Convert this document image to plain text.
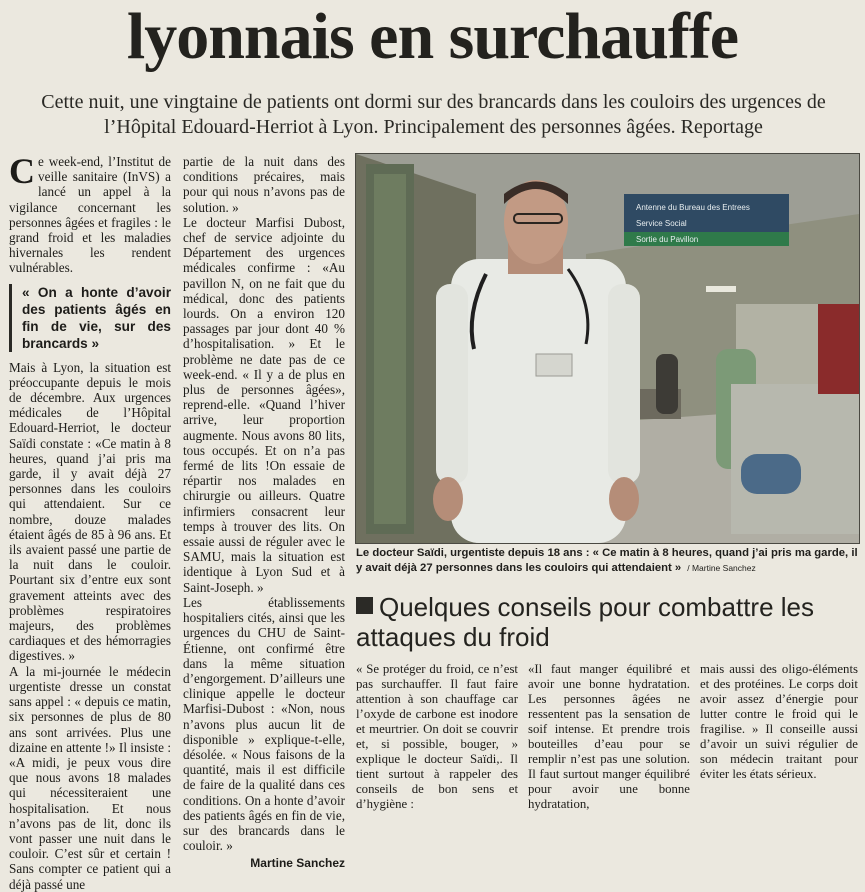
lyonnais en surchauffe
Cette nuit, une vingtaine de patients ont dormi sur des brancards dans les couloirs des urgences de l’Hôpital Edouard-Herriot à Lyon. Principalement des personnes âgées. Reportage
C e week-end, l’Institut de veille sanitaire (InVS) a lancé un appel à la vigilance concernant les personnes âgées et fragiles : le grand froid et les maladies hivernales les rendent vulnérables.

« On a honte d’avoir des patients âgés en fin de vie, sur des brancards »

Mais à Lyon, la situation est préoccupante depuis le mois de décembre. Aux urgences médicales de l’Hôpital Edouard-Herriot, le docteur Saïdi constate : «Ce matin à 8 heures, quand j’ai pris ma garde, il y avait déjà 27 personnes dans les couloirs qui attendaient. Sur ce nombre, douze malades étaient âgés de 85 à 96 ans. Et ils avaient passé une partie de la nuit dans le couloir. Pourtant six d’entre eux sont gravement atteints avec des problèmes respiratoires majeurs, des problèmes cardiaques et des hémorragies digestives. »

A la mi-journée le médecin urgentiste dresse un constat sans appel : « depuis ce matin, six personnes de plus de 80 ans sont arrivées. Plus une dizaine en attente !» Il insiste : «A midi, je peux vous dire que nous avons 18 malades qui nécessiteraient une hospitalisation. Et nous n’avons pas de lit, donc ils vont passer une nuit dans le couloir. C’est sûr et certain ! Sans compter ce patient qui a déjà passé une

partie de la nuit dans des conditions précaires, mais pour qui nous n’avons pas de solution. »

Le docteur Marfisi Dubost, chef de service adjointe du Département des urgences médicales confirme : «Au pavillon N, on ne fait que du médical, donc des patients lourds. On a environ 120 passages par jour dont 40 % d’hospitalisation. » Et le problème ne date pas de ce week-end. « Il y a de plus en plus de personnes âgées», reprend-elle. «Quand l’hiver arrive, leur proportion augmente. Nous avons 80 lits, tous occupés. Et on n’a pas fermé de lits !On essaie de répartir nos malades en chirurgie ou ailleurs. Quatre infirmiers consacrent leur temps à trouver des lits. On essaie aussi de réguler avec le SAMU, mais la situation est identique à Lyon Sud et à Saint-Joseph. »

Les établissements hospitaliers cités, ainsi que les urgences du CHU de Saint-Étienne, ont confirmé être dans la même situation d’engorgement. D’ailleurs une clinique appelle le docteur Marfisi-Dubost : «Non, nous n’avons plus aucun lit de disponible » explique-t-elle, désolée. « Nous faisons de la quantité, mais il est difficile de faire de la qualité dans ces conditions. On a honte d’avoir des patients âgés en fin de vie, sur des brancards dans le couloir. »

Martine Sanchez

Antenne du Bureau des Entrees
Service Social
Sortie du Pavillon
Le docteur Saïdi, urgentiste depuis 18 ans : « Ce matin à 8 heures, quand j’ai pris ma garde, il y avait déjà 27 personnes dans les couloirs qui attendaient » / Martine Sanchez
Quelques conseils pour combattre les attaques du froid
« Se protéger du froid, ce n’est pas surchauffer. Il faut faire attention à son chauffage car l’oxyde de carbone est inodore et meurtrier. On doit se couvrir et, si possible, bouger, » explique le docteur Saïdi,. Il tient surtout à rappeler des conseils de bon sens et d’hygiène :
«Il faut manger équilibré et avoir une bonne hydratation. Les personnes âgées ne ressentent pas la sensation de soif intense. Et prendre trois bouteilles d’eau pour se remplir n’est pas une solution. Il faut surtout manger équilibré pour avoir une bonne hydratation,
mais aussi des oligo-éléments et des protéines. Le corps doit avoir assez d’énergie pour lutter contre le froid qui le fragilise. » Il conseille aussi d’avoir un suivi régulier de son médecin traitant pour éviter les états sérieux.
